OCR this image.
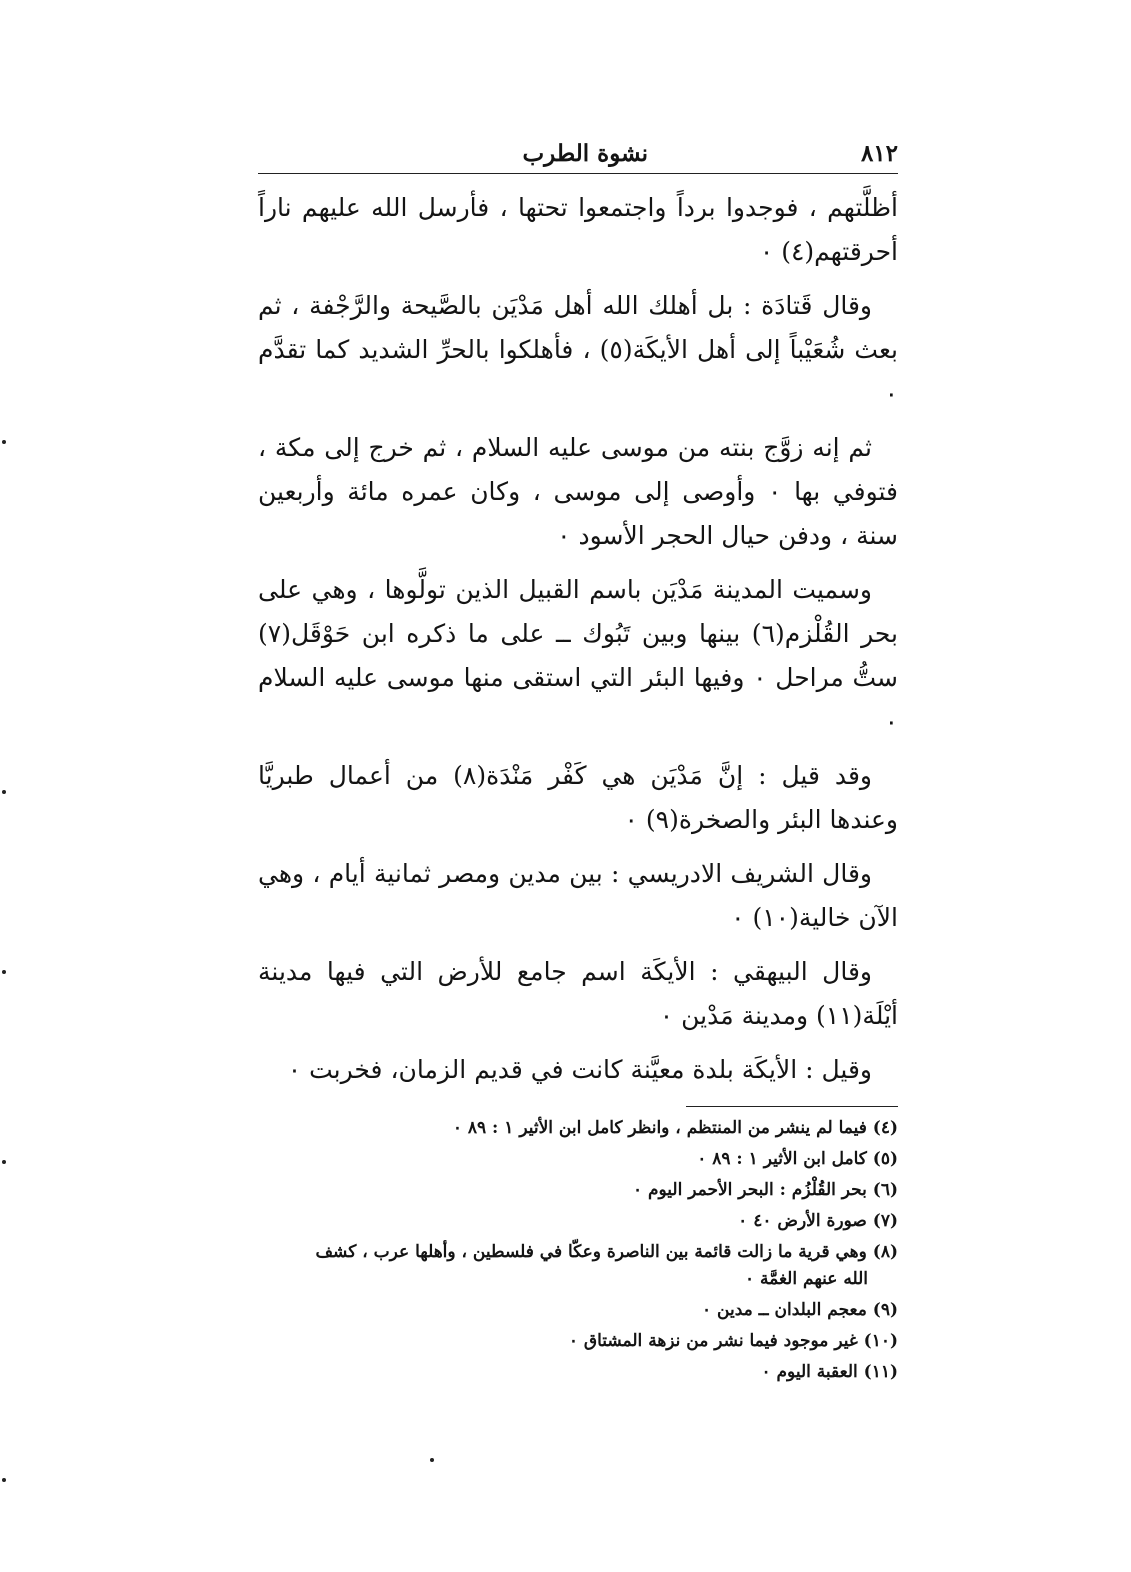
٨١٢
نشوة الطرب

أظلَّتهم ، فوجدوا برداً واجتمعوا تحتها ، فأرسل الله عليهم ناراً أحرقتهم(٤) ٠

وقال قَتادَة : بل أهلك الله أهل مَدْيَن بالصَّيحة والرَّجْفة ، ثم بعث شُعَيْباً إلى أهل الأيكَة(٥) ، فأهلكوا بالحرِّ الشديد كما تقدَّم ٠

ثم إنه زوَّج بنته من موسى عليه السلام ، ثم خرج إلى مكة ، فتوفي بها ٠ وأوصى إلى موسى ، وكان عمره مائة وأربعين سنة ، ودفن حيال الحجر الأسود ٠

وسميت المدينة مَدْيَن باسم القبيل الذين تولَّوها ، وهي على بحر القُلْزم(٦) بينها وبين تَبُوك ــ على ما ذكره ابن حَوْقَل(٧) ستُّ مراحل ٠ وفيها البئر التي استقى منها موسى عليه السلام ٠

وقد قيل : إنَّ مَدْيَن هي كَفْر مَنْدَة(٨) من أعمال طبريَّا وعندها البئر والصخرة(٩) ٠

وقال الشريف الادريسي : بين مدين ومصر ثمانية أيام ، وهي الآن خالية(١٠) ٠

وقال البيهقي : الأيكَة اسم جامع للأرض التي فيها مدينة أيْلَة(١١) ومدينة مَدْين ٠

وقيل : الأيكَة بلدة معيَّنة كانت في قديم الزمان، فخربت ٠

(٤) فيما لم ينشر من المنتظم ، وانظر كامل ابن الأثير ١ : ٨٩ ٠

(٥) كامل ابن الأثير ١ : ٨٩ ٠

(٦) بحر القُلْزُم : البحر الأحمر اليوم ٠

(٧) صورة الأرض ٤٠ ٠

(٨) وهي قرية ما زالت قائمة بين الناصرة وعكّا في فلسطين ، وأهلها عرب ، كشف الله عنهم الغمَّة ٠

(٩) معجم البلدان ــ مدين ٠

(١٠) غير موجود فيما نشر من نزهة المشتاق ٠

(١١) العقبة اليوم ٠
